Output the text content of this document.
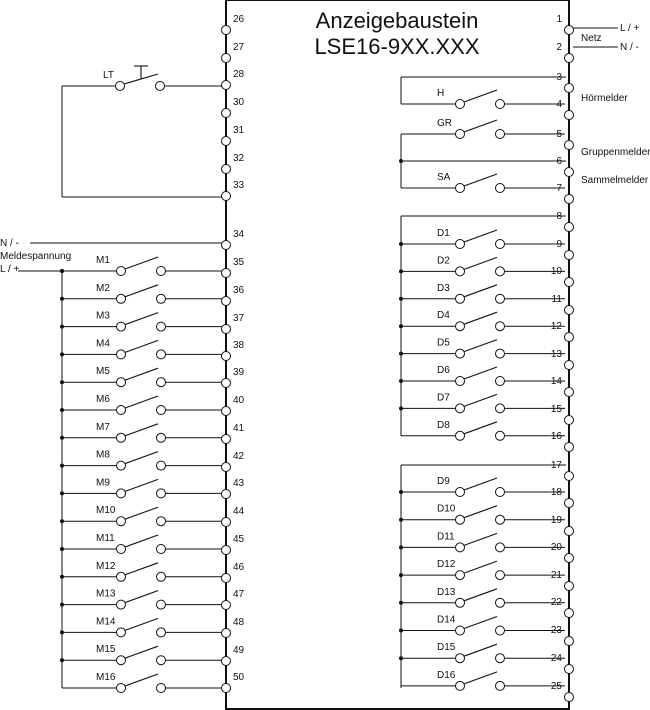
Anzeigebaustein
LSE16-9XX.XXX
L / +
Netz
N / -
Hörmelder
Gruppenmelder
Sammelmelder
N / -
Meldespannung
L / +
LT
M1
M2
M3
M4
M5
M6
M7
M8
M9
M10
M11
M12
M13
M14
M15
M16
H
GR
SA
D1
D2
D3
D4
D5
D6
D7
D8
D9
D10
D11
D12
D13
D14
D15
D16
26
27
28
30
31
32
33
34
35
36
37
38
39
40
41
42
43
44
45
46
47
48
49
50
1
2
3
4
5
6
7
8
9
10
11
12
13
14
15
16
17
18
19
20
21
22
23
24
25
